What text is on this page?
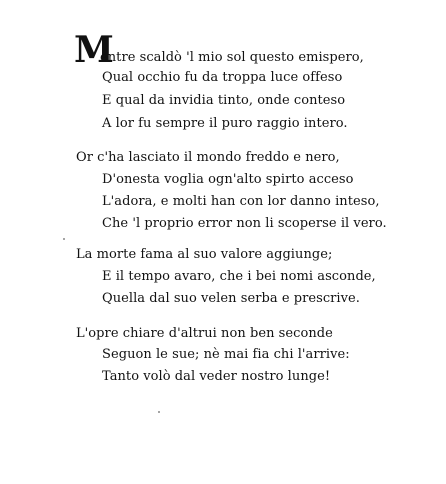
M
entre scaldò 'l mio sol questo emispero,
Qual occhio fu da troppa luce offeso
E qual da invidia tinto, onde conteso
A lor fu sempre il puro raggio intero.
Or c'ha lasciato il mondo freddo e nero,
D'onesta voglia ogn'alto spirto acceso
L'adora, e molti han con lor danno inteso,
Che 'l proprio error non li scoperse il vero.
La morte fama al suo valore aggiunge;
E il tempo avaro, che i bei nomi asconde,
Quella dal suo velen serba e prescrive.
L'opre chiare d'altrui non ben seconde
Seguon le sue; nè mai fia chi l'arrive:
Tanto volò dal veder nostro lunge!
